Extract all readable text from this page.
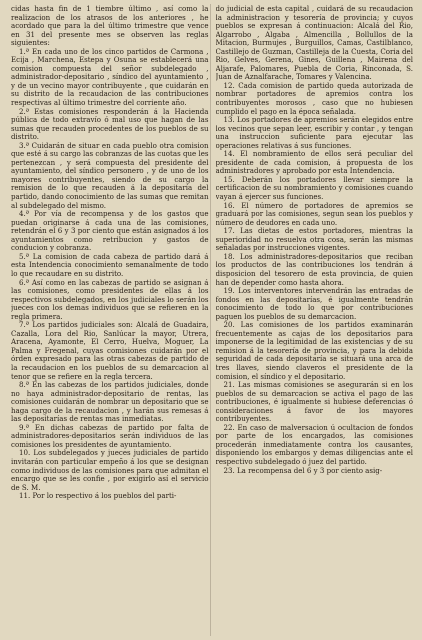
cidas hasta fin de 1 tiembre último , así como la realizacion de los atrasos de los anteriores , he acordado que para la del último trimestre que vence en 31 del presente mes se observen las reglas siguientes:

1.ª En cada uno de los cinco partidos de Carmona , Ecija , Marchena, Estepa y Osuna se establecerá una comision compuesta del señor subdelegado , administrador-depositario , síndico del ayuntamiento , y de un vecino mayor contribuyente , que cuidarán en su distrito de la recaudacion de las contribuciones respectivas al último trimestre del corriente año.

2.ª Estas comisiones responderán á la Hacienda pública de todo extravío ó mal uso que hagan de las sumas que recauden procedentes de los pueblos de su distrito.

3.ª Cuidarán de situar en cada pueblo otra comision que esté á su cargo las cobranzas de las cuotas que les pertenezcan , y será compuesta del presidente del ayuntamiento, del síndico personero , y de uno de los mayores contribuyentes, siendo de su cargo la remision de lo que recauden á la depositaría del partido, dando conocimiento de las sumas que remitan al subdelegado del mismo.

4.ª Por vía de recompensa y de los gastos que puedan originarse á cada una de las comisiones, retendrán el 6 y 3 por ciento que están asignados á los ayuntamientos como retribucion y gastos de conducion y cobranza.

5.ª La comision de cada cabeza de partido dará á esta Intendencia conocimiento semanalmente de todo lo que recaudare en su distrito.

6.ª Así como en las cabezas de partido se asignan á las comisiones, como presidentes de ellas á los respectivos subdelegados, en los judiciales lo serán los jueces con los demas individuos que se refieren en la regla primera.

7.ª Los partidos judiciales son: Alcalá de Guadaira, Cazalla, Lora del Rio, Sanlúcar la mayor, Utrera, Aracena, Ayamonte, El Cerro, Huelva, Moguer, La Palma y Fregenal, cuyas comisiones cuidarán por el órden expresado para las otras cabezas de partido de la recaudacion en los pueblos de su demarcacion al tenor que se refiere en la regla tercera.

8.ª En las cabezas de los partidos judiciales, donde no haya administrador-depositario de rentas, las comisiones cuidarán de nombrar un depositario que se haga cargo de la recaudacion , y harán sus remesas á las depositarías de rentas mas inmediatas.

9.ª En dichas cabezas de partido por falta de administradores-depositarios serán individuos de las comisiones los presidentes de ayuntamiento.

10. Los subdelegados y jueces judiciales de partido invitarán con particular empeño á los que se designan como individuos de las comisiones para que admitan el encargo que se les confie , por exigirlo así el servicio de S. M.

11. Por lo respectivo á los pueblos del parti-

do judicial de esta capital , cuidará de su recaudacion la administracion y tesorería de provincia; y cuyos pueblos se expresan á continuacion: Alcalá del Rio, Algarrobo , Algaba , Almencilla , Bollullos de la Mitacion, Burmujes , Burguillos, Camas, Castilblanco, Castillejo de Guzman, Castilleja de la Cuesta, Coria del Rio, Gelves, Gerena, Gines, Guillena , Mairena del Aljarafe, Palomares, Puebla de Coria, Rinconada, S. Juan de Aznalfarache, Tomares y Valencina.

12. Cada comision de partido queda autorizada de nombrar portadores de apremios contra los contribuyentes morosos , caso que no hubiesen cumplido el pago en la época señalada.

13. Los portadores de apremios serán elegidos entre los vecinos que sepan leer, escribir y contar , y tengan una instruccion suficiente para ejecutar las operaciones relativas á sus funciones.

14. El nombramiento de ellos será peculiar del presidente de cada comision, á propuesta de los administradores y aprobado por esta Intendencia.

15. Deberán los portadores llevar siempre la certificacion de su nombramiento y comisiones cuando vayan á ejercer sus funciones.

16. El número de portadores de apremios se graduará por las comisiones, segun sean los pueblos y número de deudores en cada uno.

17. Las dietas de estos portadores, mientras la superioridad no resuelva otra cosa, serán las mismas señaladas por instrucciones vigentes.

18. Los administradores-depositarios que reciban los productos de las contribuciones los tendrán á disposicion del tesorero de esta provincia, de quien han de depender como hasta ahora.

19. Los interventores intervendrán las entradas de fondos en las depositarías, é igualmente tendrán conocimiento de todo lo que por contribuciones paguen los pueblos de su demarcacion.

20. Las comisiones de los partidos examinarán frecuentemente as cajas de los depositarios para imponerse de la legitimidad de las existencias y de su remision á la tesorería de provincia, y para la debida seguridad de cada depositaría se situará una arca de tres llaves, siendo claveros el presidente de la comision, el síndico y el depositario.

21. Las mismas comisiones se asegurarán si en los pueblos de su demarcacion se activa el pago de las contribuciones, é igualmente si hubiese deferencias ó consideraciones á favor de los mayores contribuyentes.

22. En caso de malversacion ú ocultacion de fondos por parte de los encargados, las comisiones procederán inmediatamente contra los causantes, disponiendo los embargos y demas diligencias ante el respectivo subdelegado ó juez del partido.

23. La recompensa del 6 y 3 por ciento asig-
